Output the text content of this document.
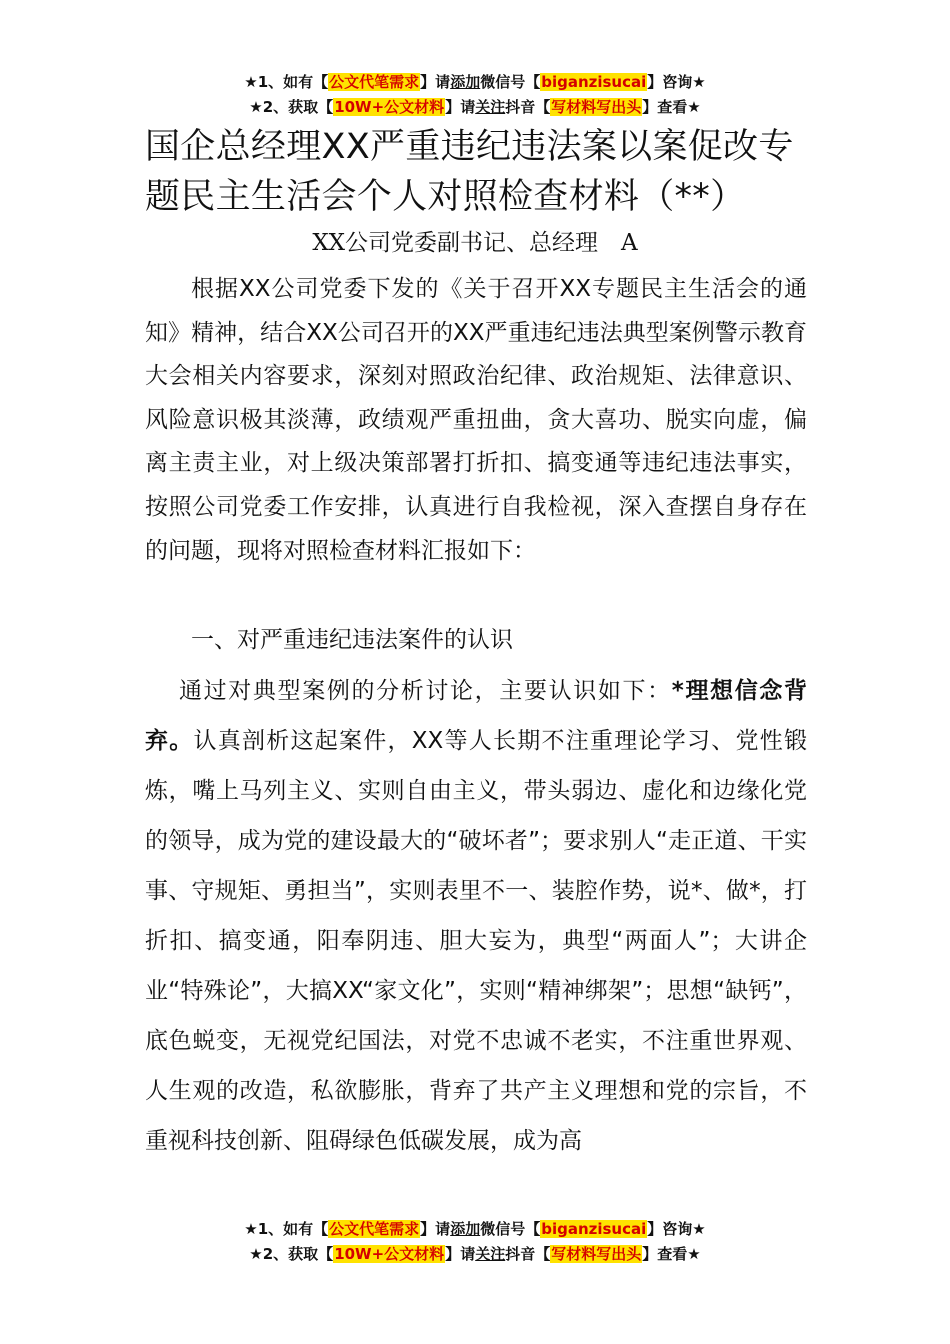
★1、如有【公文代笔需求】请添加微信号【biganzisucai】咨询★
★2、获取【10W+公文材料】请关注抖音【写材料写出头】查看★
国企总经理XX严重违纪违法案以案促改专题民主生活会个人对照检查材料（**）
XX公司党委副书记、总经理　A
根据XX公司党委下发的《关于召开XX专题民主生活会的通知》精神，结合XX公司召开的XX严重违纪违法典型案例警示教育大会相关内容要求，深刻对照政治纪律、政治规矩、法律意识、风险意识极其淡薄，政绩观严重扭曲，贪大喜功、脱实向虚，偏离主责主业，对上级决策部署打折扣、搞变通等违纪违法事实，按照公司党委工作安排，认真进行自我检视，深入查摆自身存在的问题，现将对照检查材料汇报如下：
一、对严重违纪违法案件的认识
通过对典型案例的分析讨论，主要认识如下：*理想信念背弃。认真剖析这起案件，XX等人长期不注重理论学习、党性锻炼，嘴上马列主义、实则自由主义，带头弱边、虚化和边缘化党的领导，成为党的建设最大的“破坏者”；要求别人“走正道、干实事、守规矩、勇担当”，实则表里不一、装腔作势，说*、做*，打折扣、搞变通，阳奉阴违、胆大妄为，典型“两面人”；大讲企业“特殊论”，大搞XX“家文化”，实则“精神绑架”；思想“缺钙”，底色蜕变，无视党纪国法，对党不忠诚不老实，不注重世界观、人生观的改造，私欲膨胀，背弃了共产主义理想和党的宗旨，不重视科技创新、阻碍绿色低碳发展，成为高
★1、如有【公文代笔需求】请添加微信号【biganzisucai】咨询★
★2、获取【10W+公文材料】请关注抖音【写材料写出头】查看★
